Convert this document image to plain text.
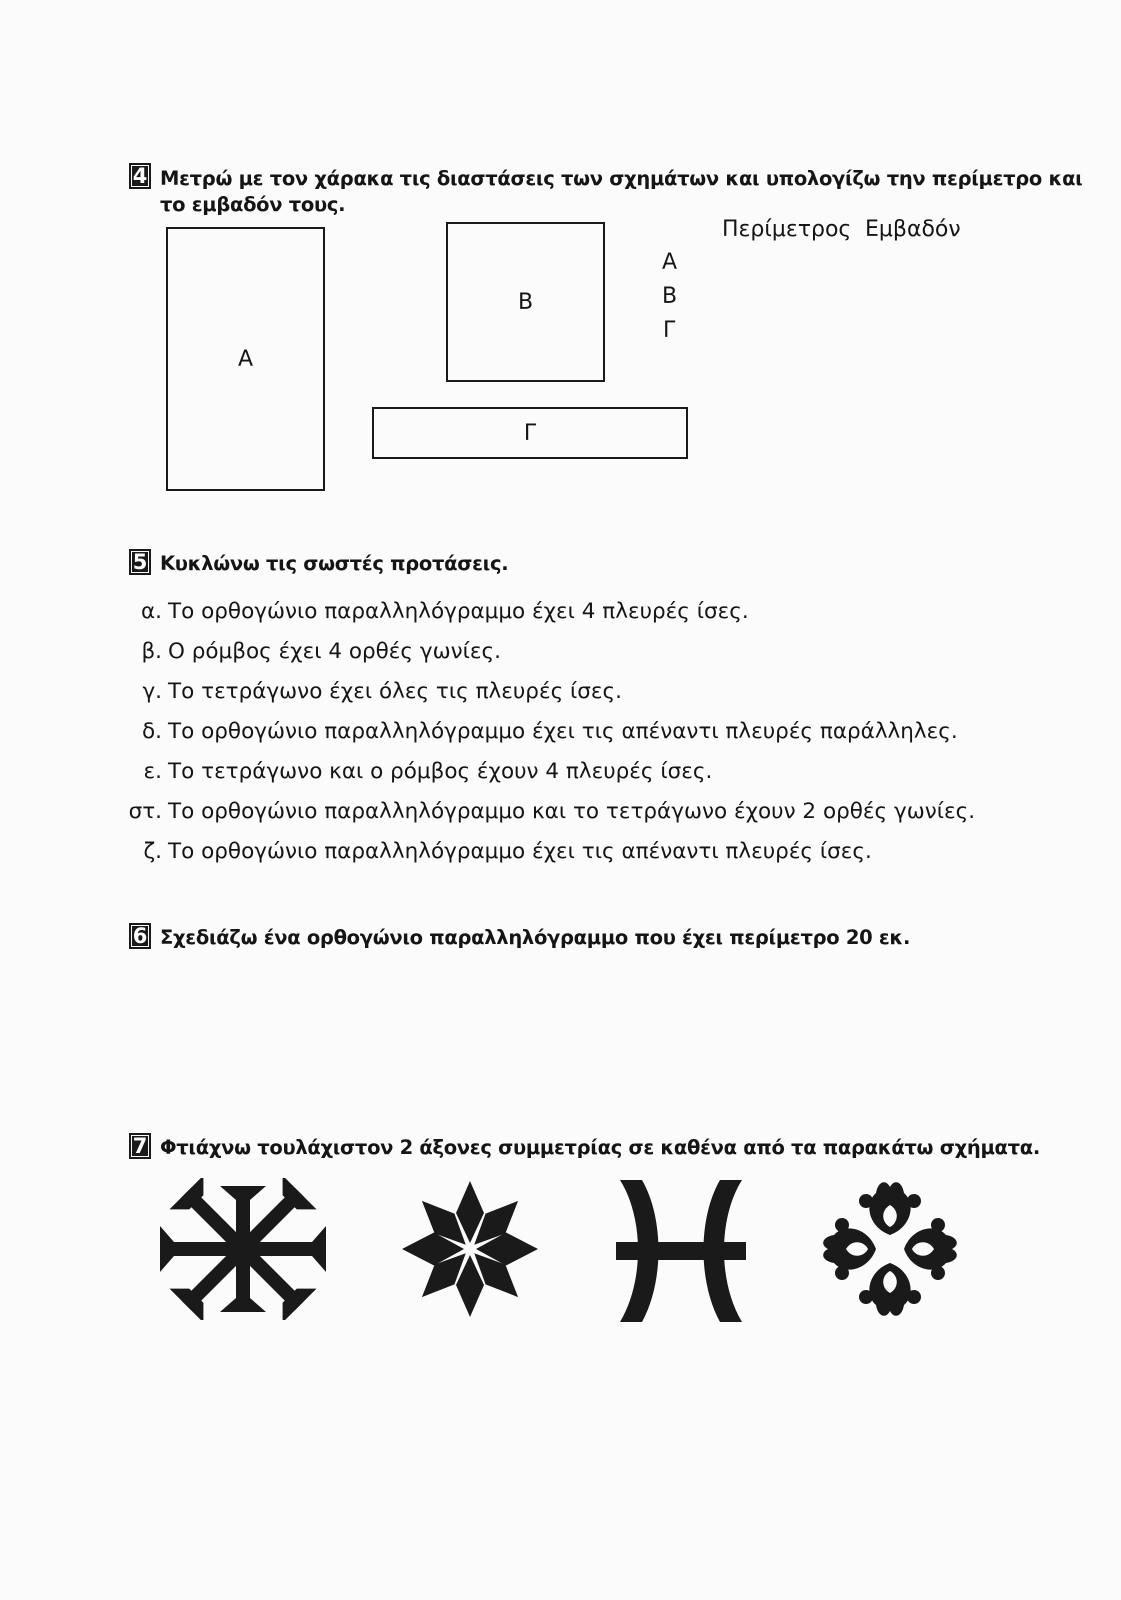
4 Μετρώ με τον χάρακα τις διαστάσεις των σχημάτων και υπολογίζω την περίμετρο και
το εμβαδόν τους.
Α
Β
Γ
Περίμετρος Εμβαδόν
Α
Β
Γ
5 Κυκλώνω τις σωστές προτάσεις.
α. Το ορθογώνιο παραλληλόγραμμο έχει 4 πλευρές ίσες.
β. Ο ρόμβος έχει 4 ορθές γωνίες.
γ. Το τετράγωνο έχει όλες τις πλευρές ίσες.
δ. Το ορθογώνιο παραλληλόγραμμο έχει τις απέναντι πλευρές παράλληλες.
ε. Το τετράγωνο και ο ρόμβος έχουν 4 πλευρές ίσες.
στ. Το ορθογώνιο παραλληλόγραμμο και το τετράγωνο έχουν 2 ορθές γωνίες.
ζ. Το ορθογώνιο παραλληλόγραμμο έχει τις απέναντι πλευρές ίσες.
6 Σχεδιάζω ένα ορθογώνιο παραλληλόγραμμο που έχει περίμετρο 20 εκ.
7 Φτιάχνω τουλάχιστον 2 άξονες συμμετρίας σε καθένα από τα παρακάτω σχήματα.
